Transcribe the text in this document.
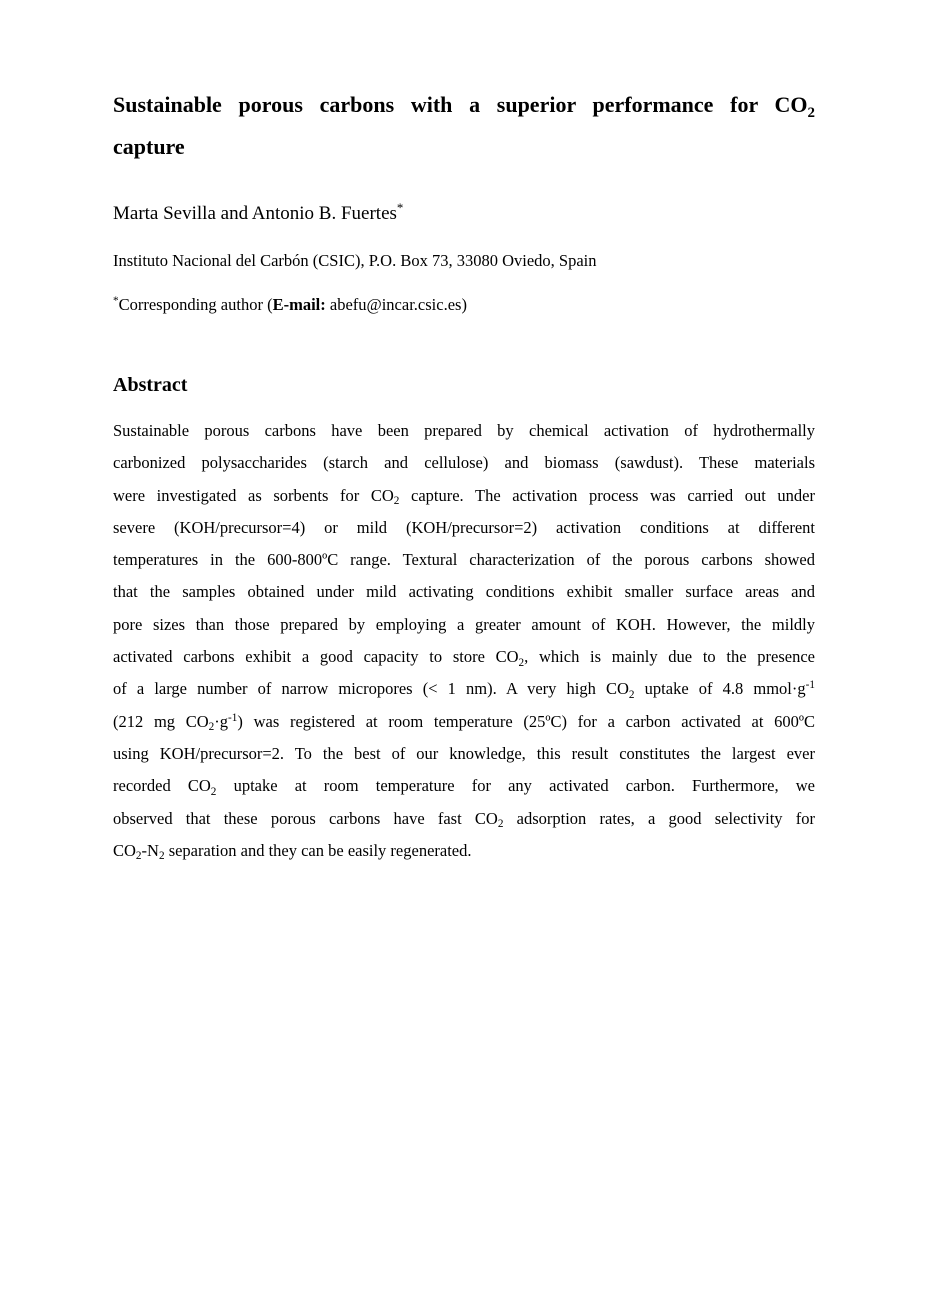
Sustainable porous carbons with a superior performance for $CO_2$
capture

Marta Sevilla and Antonio B. Fuertes*

Instituto Nacional del Carbón (CSIC), P.O. Box 73, 33080 Oviedo, Spain

*Corresponding author (E-mail: abefu@incar.csic.es)

Abstract
Sustainable porous carbons have been prepared by chemical activation of hydrothermally
carbonized polysaccharides (starch and cellulose) and biomass (sawdust). These materials
were investigated as sorbents for $CO_2$ capture. The activation process was carried out under
severe (KOH/precursor=4) or mild (KOH/precursor=2) activation conditions at different
temperatures in the 600-800ºC range. Textural characterization of the porous carbons showed
that the samples obtained under mild activating conditions exhibit smaller surface areas and
pore sizes than those prepared by employing a greater amount of KOH. However, the mildly
activated carbons exhibit a good capacity to store $CO_2$, which is mainly due to the presence
of a large number of narrow micropores (< 1 nm). A very high $CO_2$ uptake of 4.8 $mmol\cdot g^{-1}$
(212 mg $CO_2\cdot g^{-1}$) was registered at room temperature (25ºC) for a carbon activated at 600ºC
using KOH/precursor=2. To the best of our knowledge, this result constitutes the largest ever
recorded $CO_2$ uptake at room temperature for any activated carbon. Furthermore, we
observed that these porous carbons have fast $CO_2$ adsorption rates, a good selectivity for
$CO_2-N_2$ separation and they can be easily regenerated.
